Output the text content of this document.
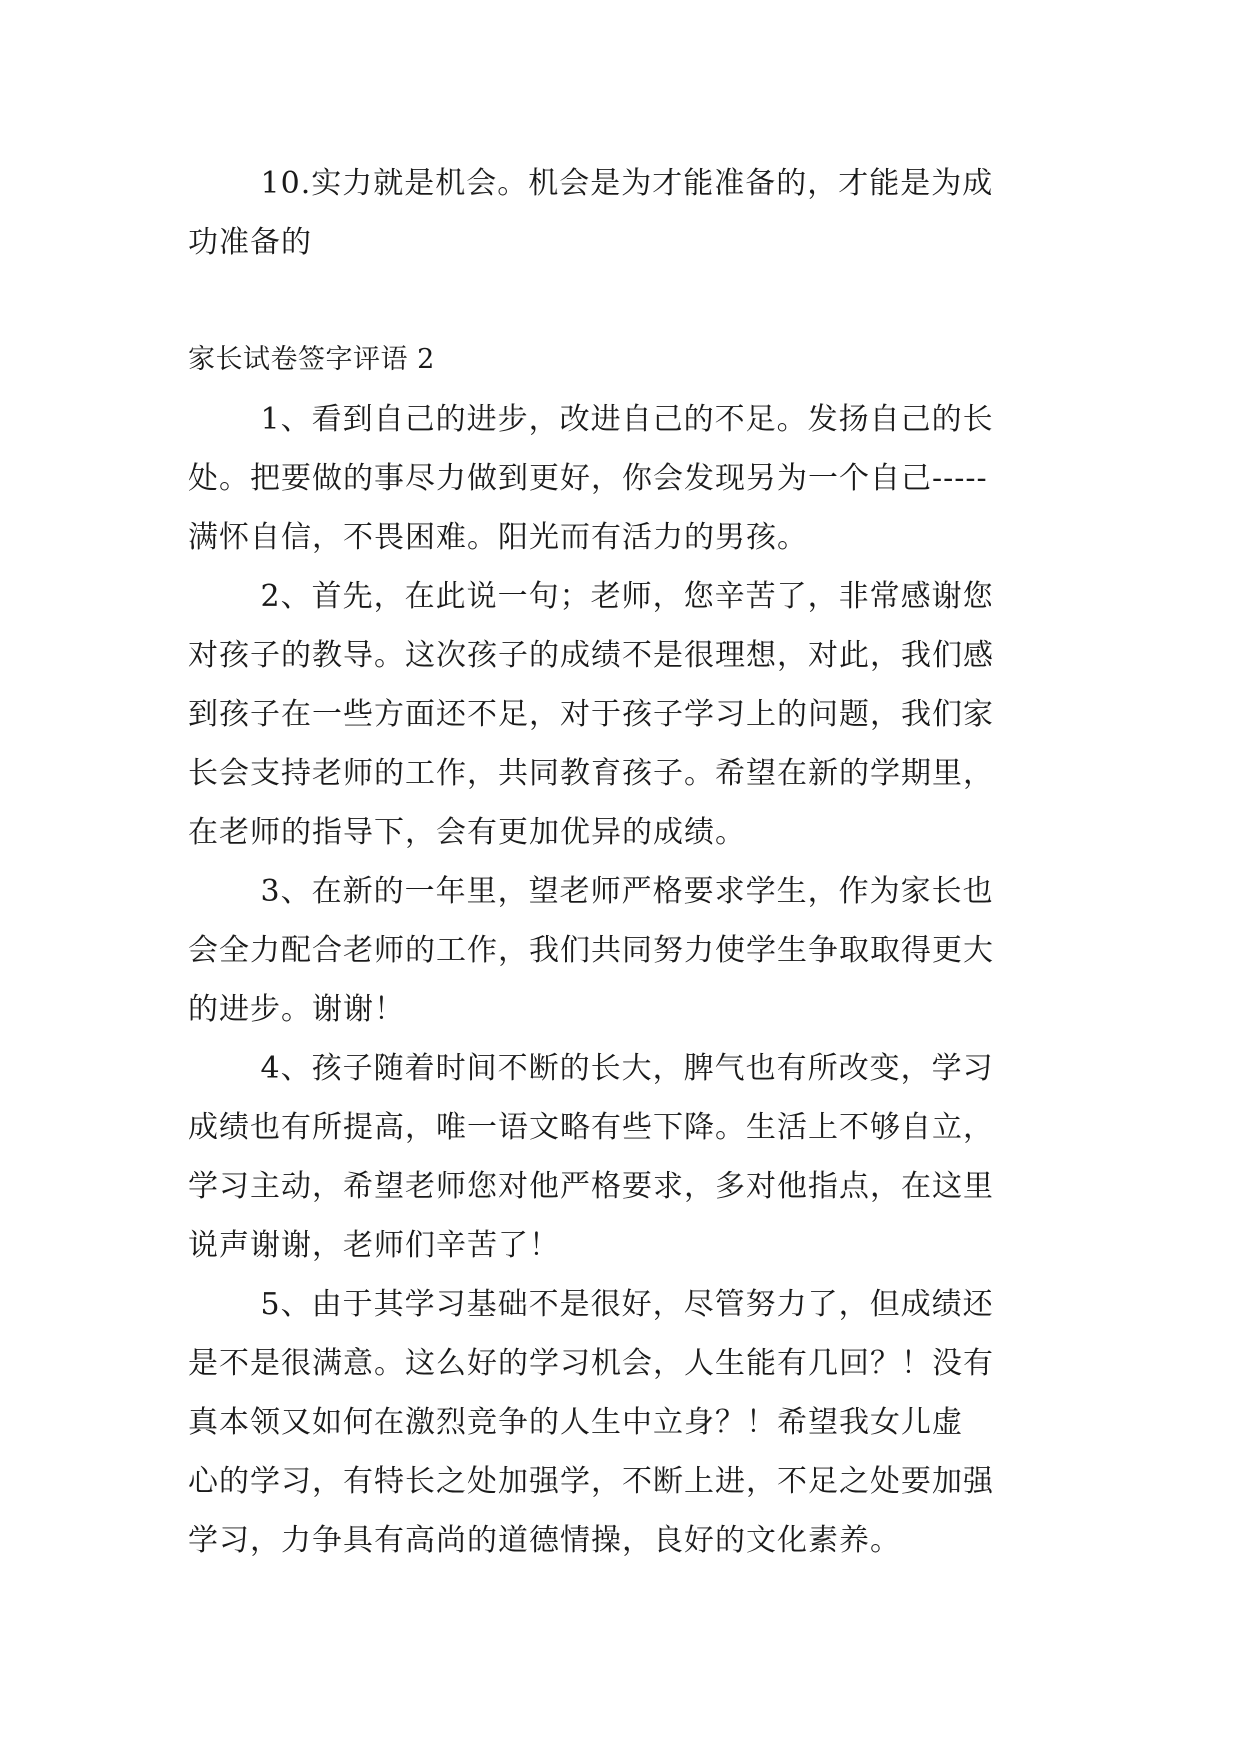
　 　10.实力就是机会。机会是为才能准备的，才能是为成

功准备的

家长试卷签字评语 2

　 　1、看到自己的进步，改进自己的不足。发扬自己的长

处。把要做的事尽力做到更好，你会发现另为一个自己-----

满怀自信，不畏困难。阳光而有活力的男孩。

　 　2、首先，在此说一句；老师，您辛苦了，非常感谢您

对孩子的教导。这次孩子的成绩不是很理想，对此，我们感

到孩子在一些方面还不足，对于孩子学习上的问题，我们家

长会支持老师的工作，共同教育孩子。希望在新的学期里，

在老师的指导下，会有更加优异的成绩。

　 　3、在新的一年里，望老师严格要求学生，作为家长也

会全力配合老师的工作，我们共同努力使学生争取取得更大

的进步。谢谢！

　 　4、孩子随着时间不断的长大，脾气也有所改变，学习

成绩也有所提高，唯一语文略有些下降。生活上不够自立，

学习主动，希望老师您对他严格要求，多对他指点，在这里

说声谢谢，老师们辛苦了！

　 　5、由于其学习基础不是很好，尽管努力了，但成绩还

是不是很满意。这么好的学习机会，人生能有几回？！没有

真本领又如何在激烈竞争的人生中立身？！希望我女儿虚

心的学习，有特长之处加强学，不断上进，不足之处要加强

学习，力争具有高尚的道德情操，良好的文化素养。
